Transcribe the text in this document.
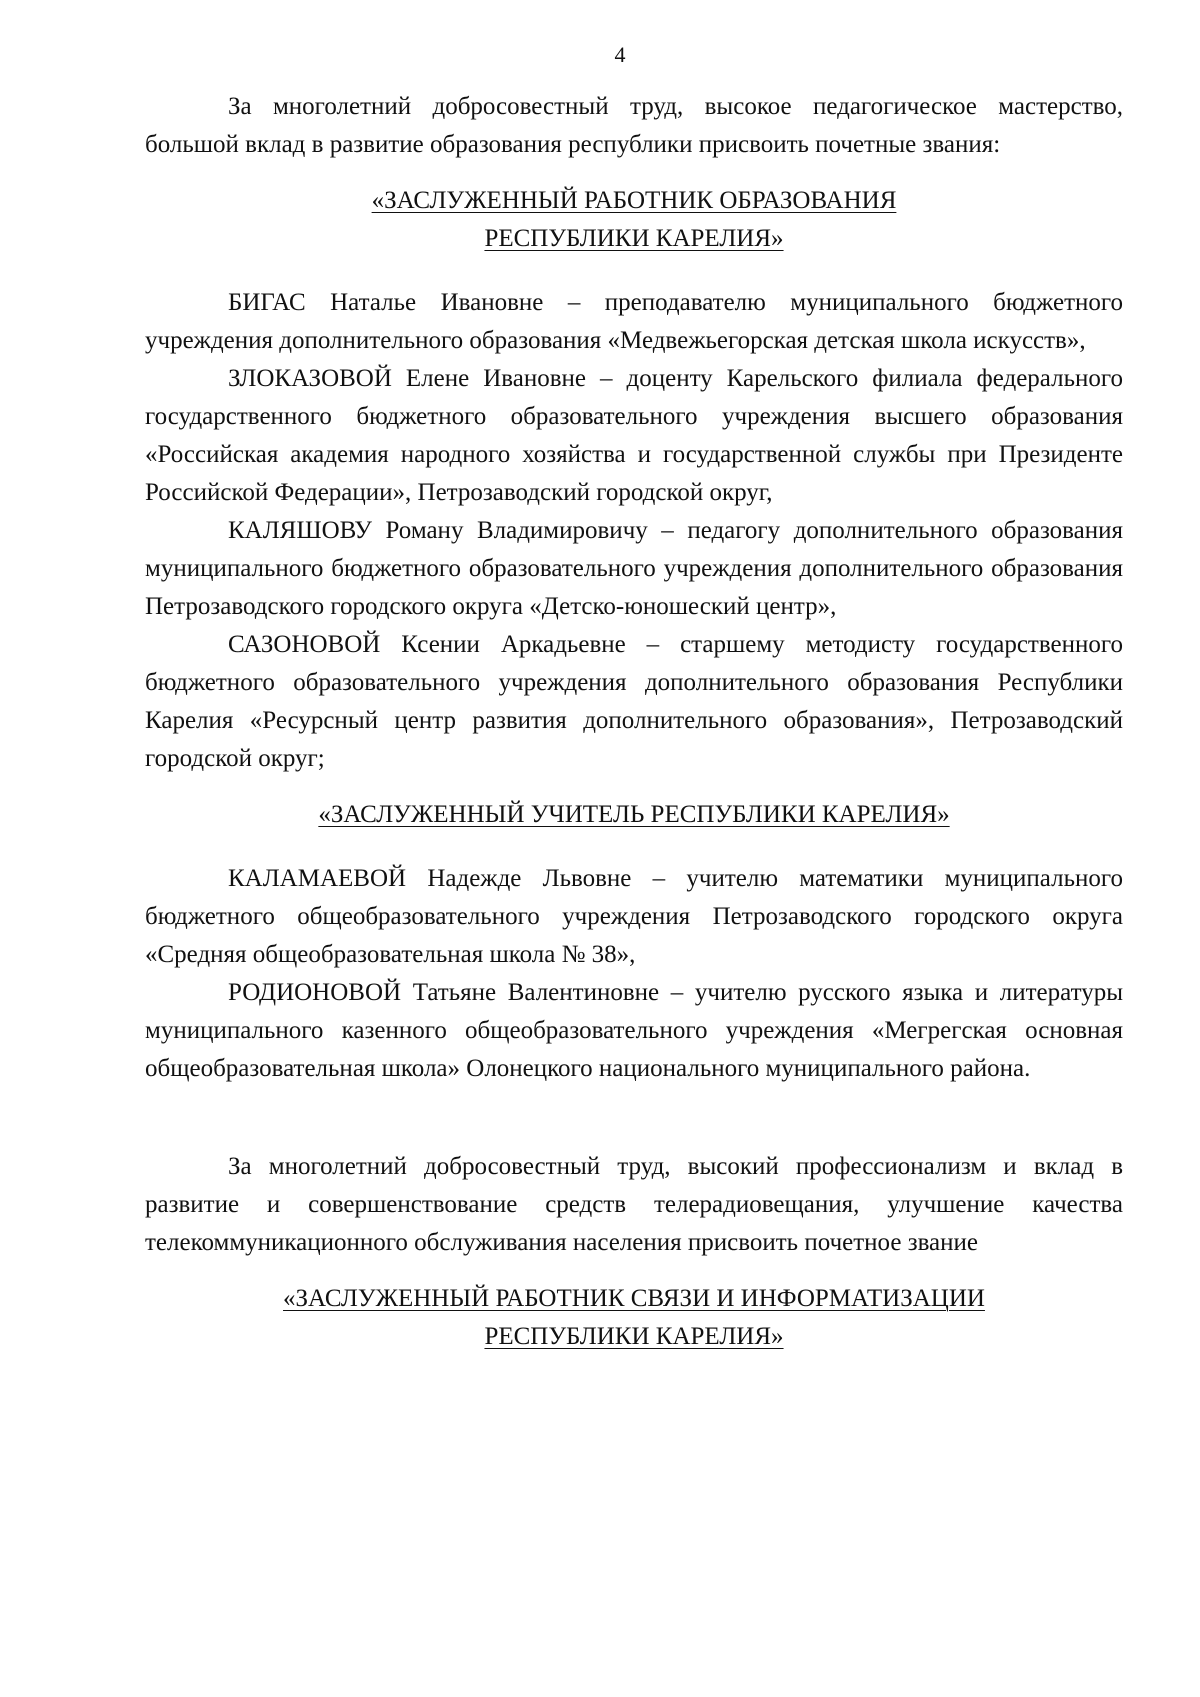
4

За многолетний добросовестный труд, высокое педагогическое мастерство, большой вклад в развитие образования республики присвоить почетные звания:

«ЗАСЛУЖЕННЫЙ РАБОТНИК ОБРАЗОВАНИЯ
РЕСПУБЛИКИ КАРЕЛИЯ»

БИГАС Наталье Ивановне – преподавателю муниципального бюджетного учреждения дополнительного образования «Медвежьегорская детская школа искусств»,

ЗЛОКАЗОВОЙ Елене Ивановне – доценту Карельского филиала федерального государственного бюджетного образовательного учреждения высшего образования «Российская академия народного хозяйства и государственной службы при Президенте Российской Федерации», Петрозаводский городской округ,

КАЛЯШОВУ Роману Владимировичу – педагогу дополнительного образования муниципального бюджетного образовательного учреждения дополнительного образования Петрозаводского городского округа «Детско-юношеский центр»,

САЗОНОВОЙ Ксении Аркадьевне – старшему методисту государственного бюджетного образовательного учреждения дополнительного образования Республики Карелия «Ресурсный центр развития дополнительного образования», Петрозаводский городской округ;

«ЗАСЛУЖЕННЫЙ УЧИТЕЛЬ РЕСПУБЛИКИ КАРЕЛИЯ»

КАЛАМАЕВОЙ Надежде Львовне – учителю математики муниципального бюджетного общеобразовательного учреждения Петрозаводского городского округа «Средняя общеобразовательная школа № 38»,

РОДИОНОВОЙ Татьяне Валентиновне – учителю русского языка и литературы муниципального казенного общеобразовательного учреждения «Мегрегская основная общеобразовательная школа» Олонецкого национального муниципального района.

За многолетний добросовестный труд, высокий профессионализм и вклад в развитие и совершенствование средств телерадиовещания, улучшение качества телекоммуникационного обслуживания населения присвоить почетное звание

«ЗАСЛУЖЕННЫЙ РАБОТНИК СВЯЗИ И ИНФОРМАТИЗАЦИИ
РЕСПУБЛИКИ КАРЕЛИЯ»
